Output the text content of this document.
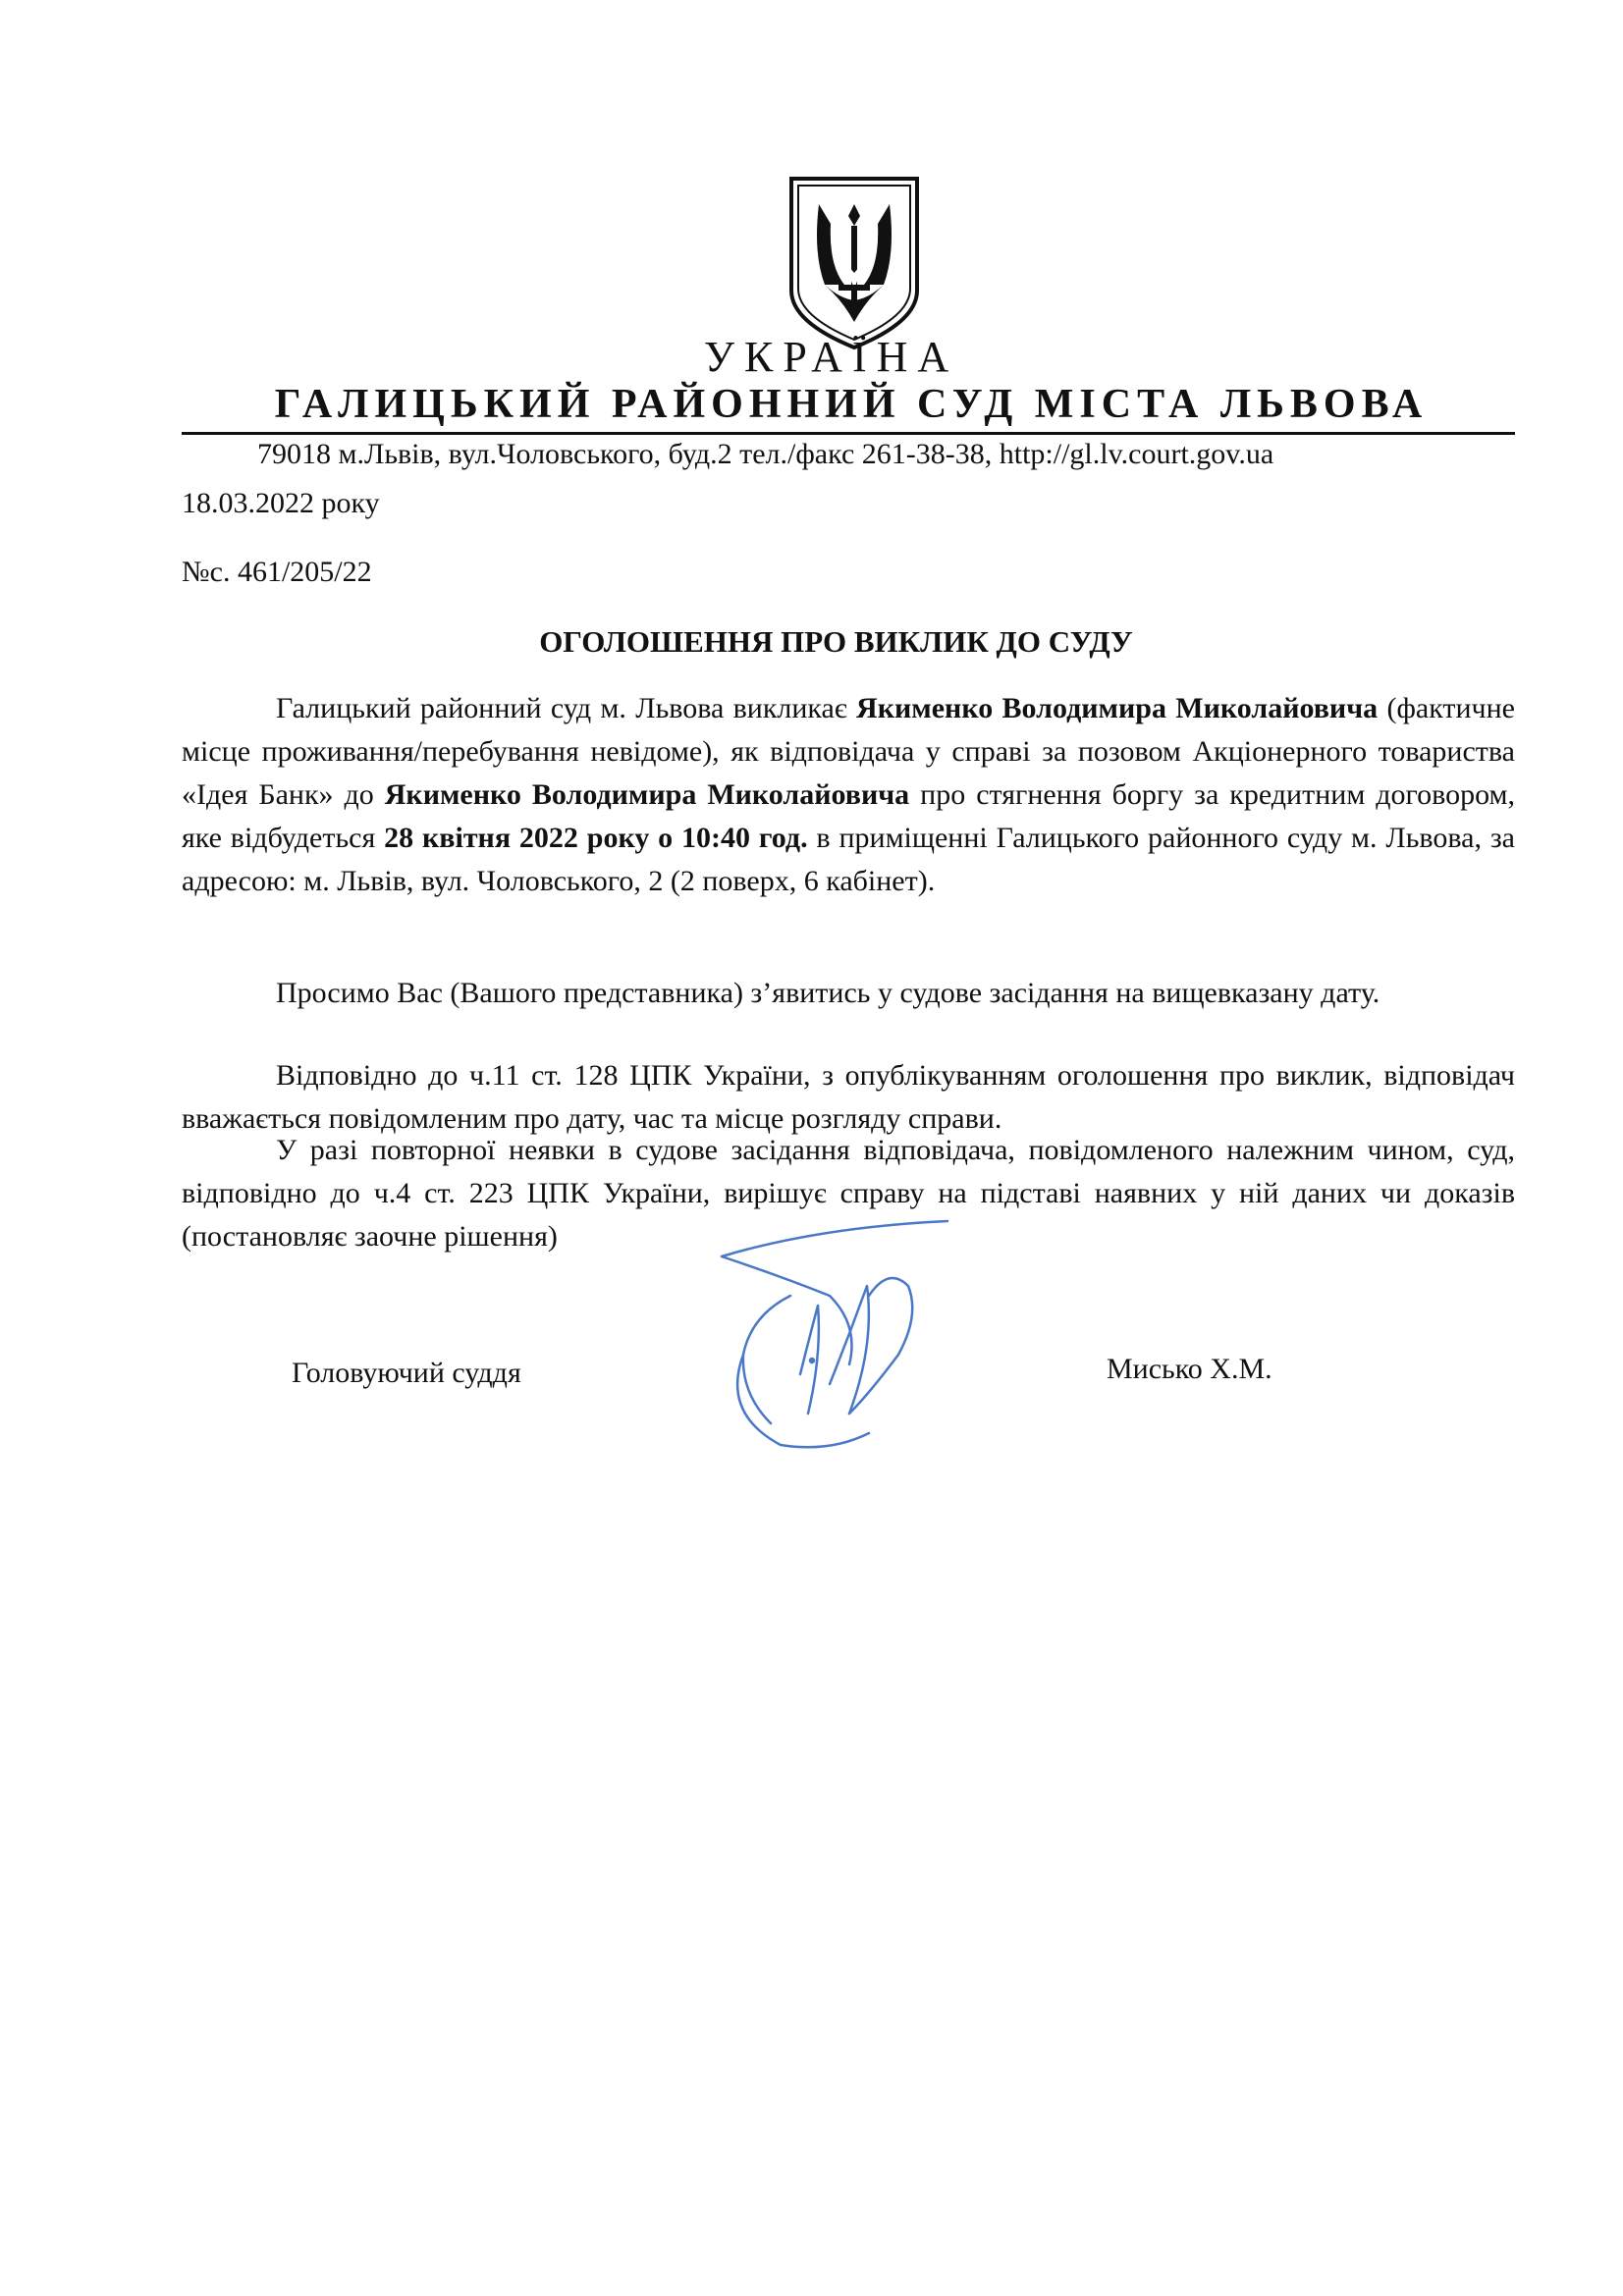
УКРАЇНА
ГАЛИЦЬКИЙ РАЙОННИЙ СУД МІСТА ЛЬВОВА
79018 м.Львів, вул.Чоловського, буд.2 тел./факс 261-38-38, http://gl.lv.court.gov.ua
18.03.2022 року
№с. 461/205/22
ОГОЛОШЕННЯ ПРО ВИКЛИК ДО СУДУ
Галицький районний суд м. Львова викликає Якименко Володимира Миколайовича (фактичне місце проживання/перебування невідоме), як відповідача у справі за позовом Акціонерного товариства «Ідея Банк» до Якименко Володимира Миколайовича про стягнення боргу за кредитним договором, яке відбудеться 28 квітня 2022 року о 10:40 год. в приміщенні Галицького районного суду м. Львова, за адресою: м. Львів, вул. Чоловського, 2 (2 поверх, 6 кабінет).
Просимо Вас (Вашого представника) з’явитись у судове засідання на вищевказану дату.
Відповідно до ч.11 ст. 128 ЦПК України, з опублікуванням оголошення про виклик, відповідач вважається повідомленим про дату, час та місце розгляду справи.
У разі повторної неявки в судове засідання відповідача, повідомленого належним чином, суд, відповідно до ч.4 ст. 223 ЦПК України, вирішує справу на підставі наявних у ній даних чи доказів (постановляє заочне рішення)
Головуючий суддя	Мисько Х.М.
